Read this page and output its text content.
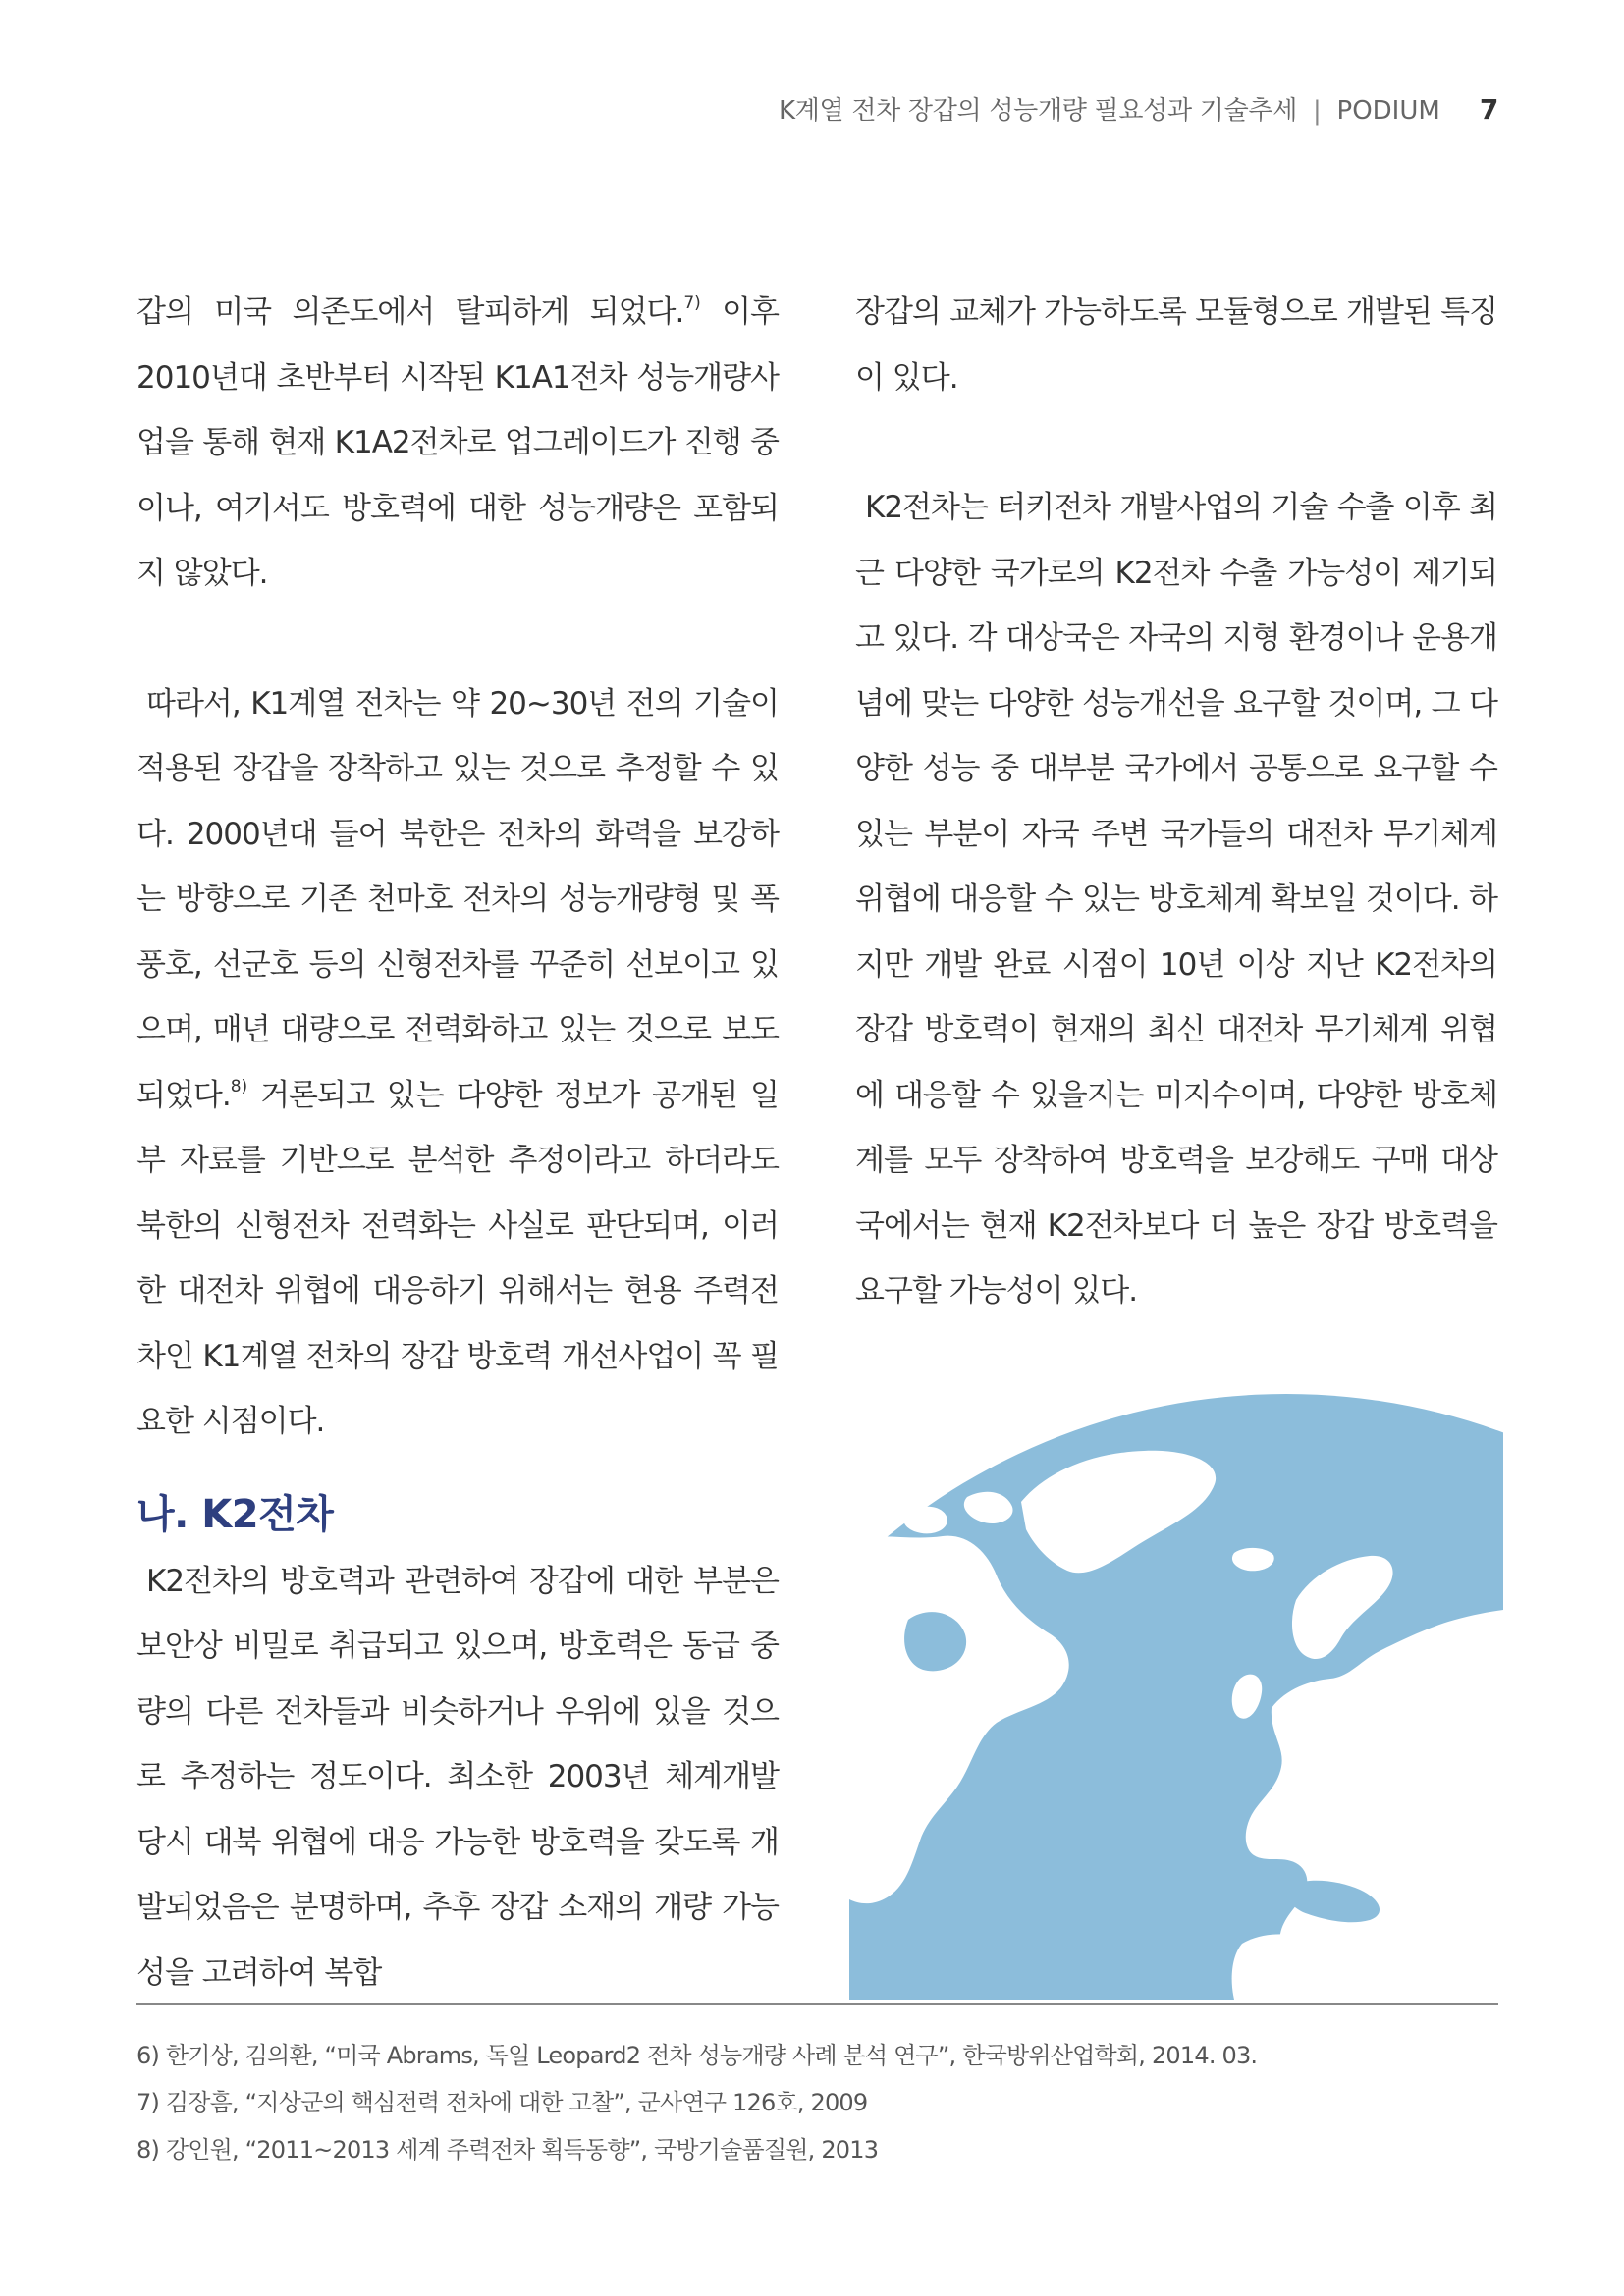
K계열 전차 장갑의 성능개량 필요성과 기술추세 | PODIUM 7

갑의 미국 의존도에서 탈피하게 되었다.$^{7)}$ 이후 2010년대 초반부터 시작된 K1A1전차 성능개량사업을 통해 현재 K1A2전차로 업그레이드가 진행 중이나, 여기서도 방호력에 대한 성능개량은 포함되지 않았다.

따라서, K1계열 전차는 약 20~30년 전의 기술이 적용된 장갑을 장착하고 있는 것으로 추정할 수 있다. 2000년대 들어 북한은 전차의 화력을 보강하는 방향으로 기존 천마호 전차의 성능개량형 및 폭풍호, 선군호 등의 신형전차를 꾸준히 선보이고 있으며, 매년 대량으로 전력화하고 있는 것으로 보도되었다.$^{8)}$ 거론되고 있는 다양한 정보가 공개된 일부 자료를 기반으로 분석한 추정이라고 하더라도 북한의 신형전차 전력화는 사실로 판단되며, 이러한 대전차 위협에 대응하기 위해서는 현용 주력전차인 K1계열 전차의 장갑 방호력 개선사업이 꼭 필요한 시점이다.

나. K2전차

K2전차의 방호력과 관련하여 장갑에 대한 부분은 보안상 비밀로 취급되고 있으며, 방호력은 동급 중량의 다른 전차들과 비슷하거나 우위에 있을 것으로 추정하는 정도이다. 최소한 2003년 체계개발 당시 대북 위협에 대응 가능한 방호력을 갖도록 개발되었음은 분명하며, 추후 장갑 소재의 개량 가능성을 고려하여 복합

장갑의 교체가 가능하도록 모듈형으로 개발된 특징이 있다.

K2전차는 터키전차 개발사업의 기술 수출 이후 최근 다양한 국가로의 K2전차 수출 가능성이 제기되고 있다. 각 대상국은 자국의 지형 환경이나 운용개념에 맞는 다양한 성능개선을 요구할 것이며, 그 다양한 성능 중 대부분 국가에서 공통으로 요구할 수 있는 부분이 자국 주변 국가들의 대전차 무기체계 위협에 대응할 수 있는 방호체계 확보일 것이다. 하지만 개발 완료 시점이 10년 이상 지난 K2전차의 장갑 방호력이 현재의 최신 대전차 무기체계 위협에 대응할 수 있을지는 미지수이며, 다양한 방호체계를 모두 장착하여 방호력을 보강해도 구매 대상국에서는 현재 K2전차보다 더 높은 장갑 방호력을 요구할 가능성이 있다.

6) 한기상, 김의환, “미국 Abrams, 독일 Leopard2 전차 성능개량 사례 분석 연구”, 한국방위산업학회, 2014. 03.

7) 김장흠, “지상군의 핵심전력 전차에 대한 고찰”, 군사연구 126호, 2009

8) 강인원, “2011~2013 세계 주력전차 획득동향”, 국방기술품질원, 2013
